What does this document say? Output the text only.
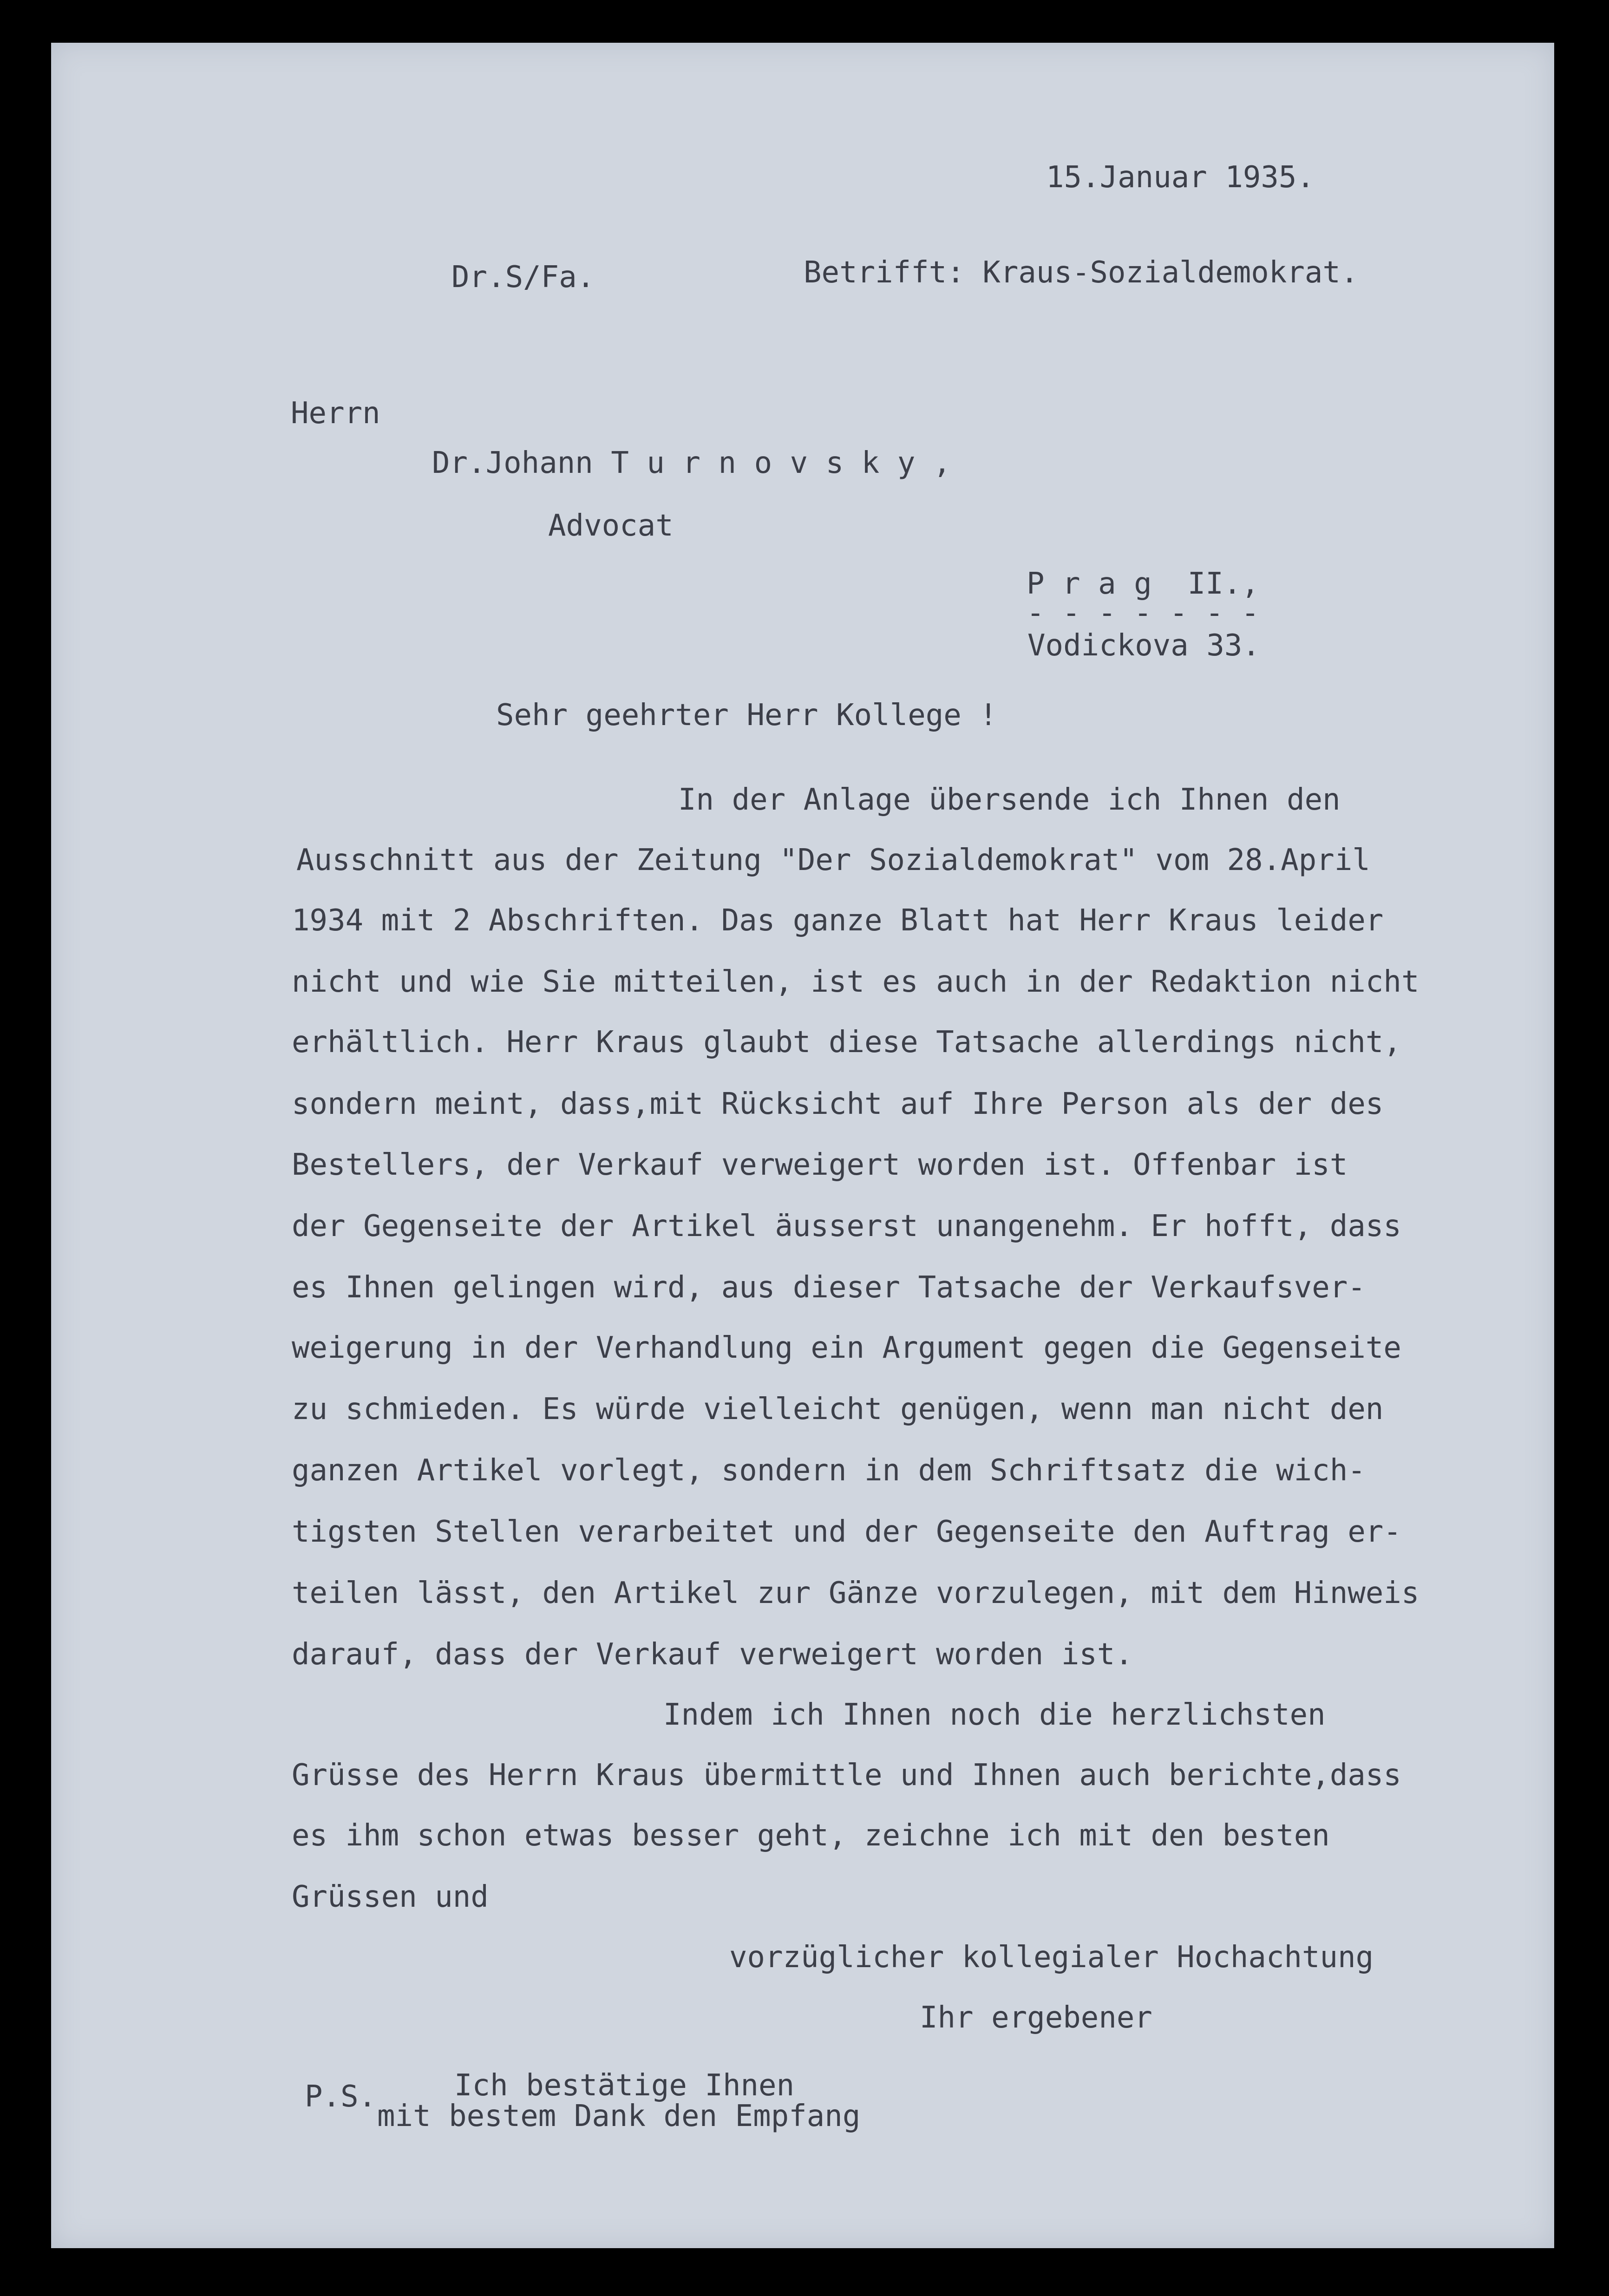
15.Januar 1935.
Dr.S/Fa.	Betrifft: Kraus-Sozialdemokrat.
Herrn
Dr.Johann T u r n o v s k y ,
Advocat
P r a g  II.,
- - - - - - -
Vodickova 33.
Sehr geehrter Herr Kollege !
In der Anlage übersende ich Ihnen den
Ausschnitt aus der Zeitung "Der Sozialdemokrat" vom 28.April
1934 mit 2 Abschriften. Das ganze Blatt hat Herr Kraus leider
nicht und wie Sie mitteilen, ist es auch in der Redaktion nicht
erhältlich. Herr Kraus glaubt diese Tatsache allerdings nicht,
sondern meint, dass,mit Rücksicht auf Ihre Person als der des
Bestellers, der Verkauf verweigert worden ist. Offenbar ist
der Gegenseite der Artikel äusserst unangenehm. Er hofft, dass
es Ihnen gelingen wird, aus dieser Tatsache der Verkaufsver-
weigerung in der Verhandlung ein Argument gegen die Gegenseite
zu schmieden. Es würde vielleicht genügen, wenn man nicht den
ganzen Artikel vorlegt, sondern in dem Schriftsatz die wich-
tigsten Stellen verarbeitet und der Gegenseite den Auftrag er-
teilen lässt, den Artikel zur Gänze vorzulegen, mit dem Hinweis
darauf, dass der Verkauf verweigert worden ist.
Indem ich Ihnen noch die herzlichsten
Grüsse des Herrn Kraus übermittle und Ihnen auch berichte,dass
es ihm schon etwas besser geht, zeichne ich mit den besten
Grüssen und
vorzüglicher kollegialer Hochachtung
Ihr ergebener
P.S.	Ich bestätige Ihnen
mit bestem Dank den Empfang
